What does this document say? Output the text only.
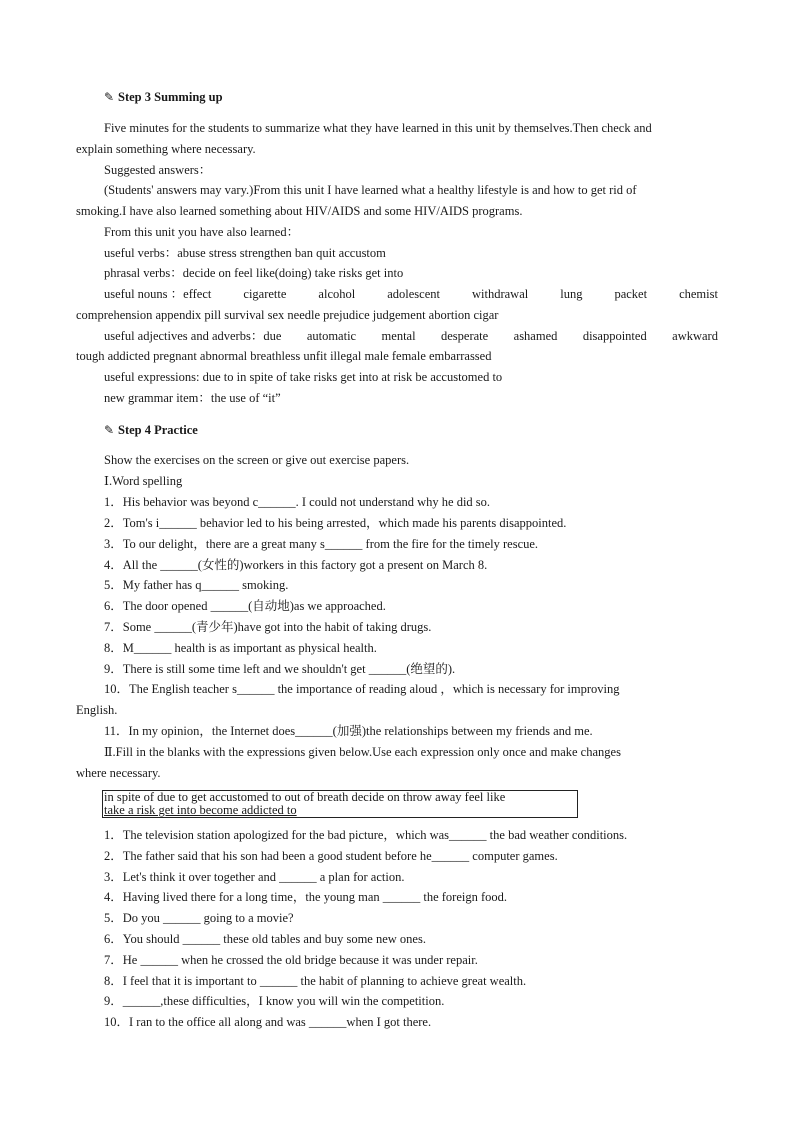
✎ Step 3 Summing up
Five minutes for the students to summarize what they have learned in this unit by themselves.Then check and
explain something where necessary.
Suggested answers：
(Students' answers may vary.)From this unit I have learned what a healthy lifestyle is and how to get rid of
smoking.I have also learned something about HIV/AIDS and some HIV/AIDS programs.
From this unit you have also learned：
useful verbs：abuse stress strengthen ban quit accustom
phrasal verbs：decide on feel like(doing) take risks get into
useful nouns ：effect	cigarette	alcohol	adolescent	withdrawal	lung	packet	chemist
comprehension appendix pill survival sex needle prejudice judgement abortion cigar
useful adjectives and adverbs：due automatic mental desperate ashamed disappointed awkward
tough addicted pregnant abnormal breathless unfit illegal male female embarrassed
useful expressions: due to in spite of take risks get into at risk be accustomed to
new grammar item：the use of “it”
✎ Step 4 Practice
Show the exercises on the screen or give out exercise papers.
Ⅰ.Word spelling
1．His behavior was beyond c______. I could not understand why he did so.
2．Tom's i______ behavior led to his being arrested，which made his parents disappointed.
3．To our delight，there are a great many s______ from the fire for the timely rescue.
4．All the ______(女性的)workers in this factory got a present on March 8.
5．My father has q______ smoking.
6．The door opened ______(自动地)as we approached.
7．Some ______(青少年)have got into the habit of taking drugs.
8．M______ health is as important as physical health.
9．There is still some time left and we shouldn't get ______(绝望的).
10．The English teacher s______ the importance of reading aloud ，which is necessary for improving
English.
11．In my opinion，the Internet does______(加强)the relationships between my friends and me.
Ⅱ.Fill in the blanks with the expressions given below.Use each expression only once and make changes
where necessary.
in spite of due to get accustomed to out of breath decide on throw away feel like
take a risk get into become addicted to
1．The television station apologized for the bad picture，which was______ the bad weather conditions.
2．The father said that his son had been a good student before he______ computer games.
3．Let's think it over together and ______ a plan for action.
4．Having lived there for a long time，the young man ______ the foreign food.
5．Do you ______ going to a movie?
6．You should ______ these old tables and buy some new ones.
7．He ______ when he crossed the old bridge because it was under repair.
8．I feel that it is important to ______ the habit of planning to achieve great wealth.
9．______,these difficulties，I know you will win the competition.
10．I ran to the office all along and was ______when I got there.
